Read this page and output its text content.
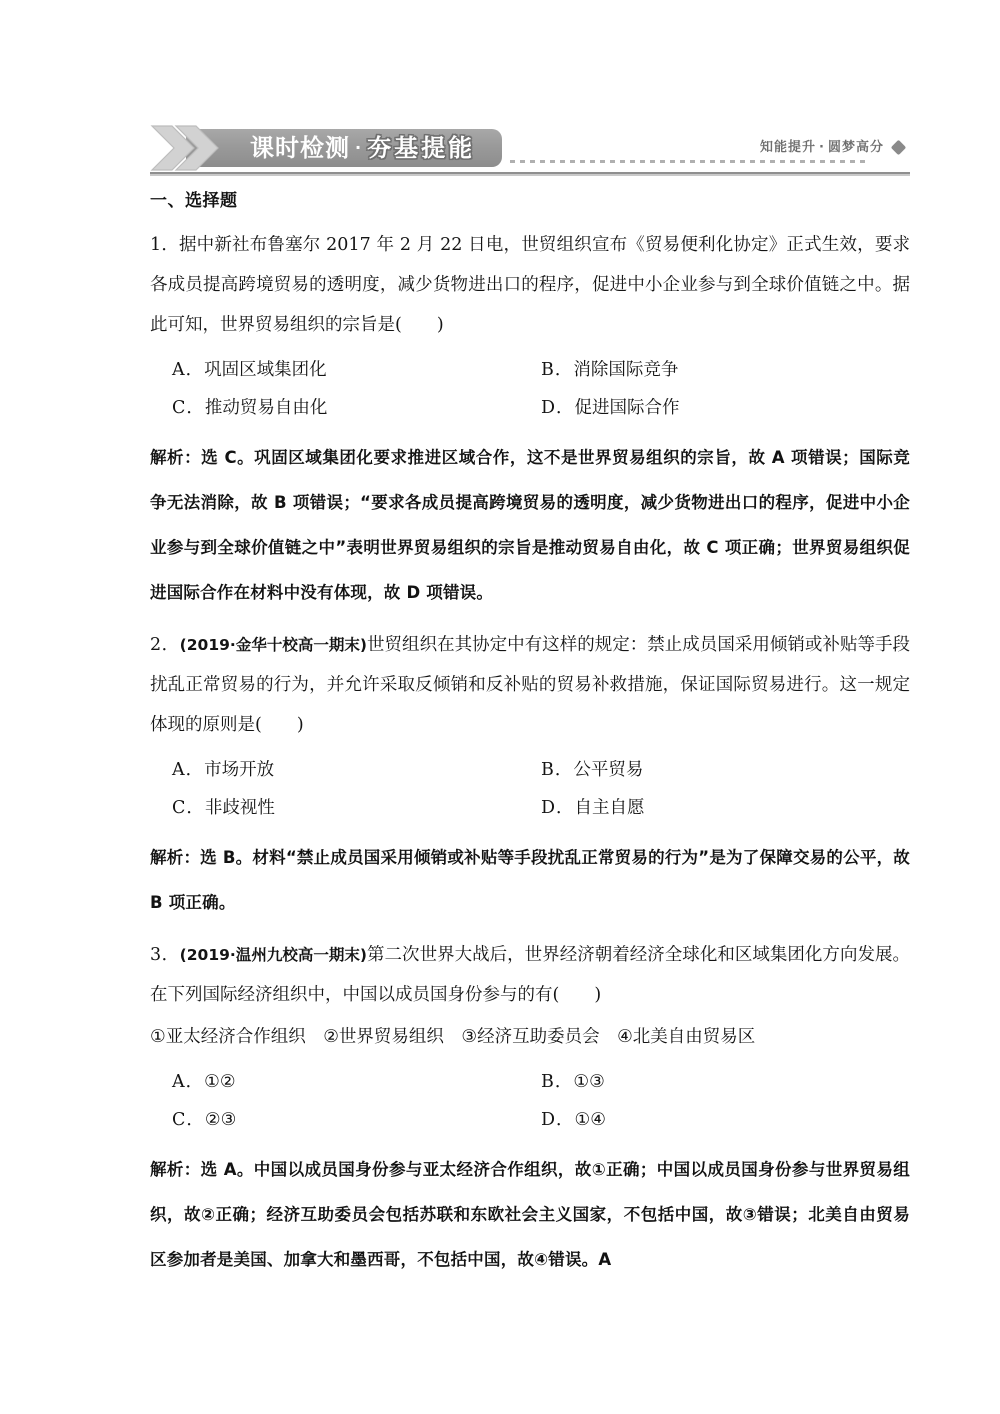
课时检测 · 夯基提能	知能提升 · 圆梦高分
一、选择题

1．据中新社布鲁塞尔 2017 年 2 月 22 日电，世贸组织宣布《贸易便利化协定》正式生效，要求各成员提高跨境贸易的透明度，减少货物进出口的程序，促进中小企业参与到全球价值链之中。据此可知，世界贸易组织的宗旨是(　　)

A．巩固区域集团化
C．推动贸易自由化
B．消除国际竞争
D．促进国际合作

解析：选 C。巩固区域集团化要求推进区域合作，这不是世界贸易组织的宗旨，故 A 项错误；国际竞争无法消除，故 B 项错误；“要求各成员提高跨境贸易的透明度，减少货物进出口的程序，促进中小企业参与到全球价值链之中”表明世界贸易组织的宗旨是推动贸易自由化，故 C 项正确；世界贸易组织促进国际合作在材料中没有体现，故 D 项错误。

2．(2019·金华十校高一期末)世贸组织在其协定中有这样的规定：禁止成员国采用倾销或补贴等手段扰乱正常贸易的行为，并允许采取反倾销和反补贴的贸易补救措施，保证国际贸易进行。这一规定体现的原则是(　　)

A．市场开放
C．非歧视性
B．公平贸易
D．自主自愿

解析：选 B。材料“禁止成员国采用倾销或补贴等手段扰乱正常贸易的行为”是为了保障交易的公平，故 B 项正确。

3．(2019·温州九校高一期末)第二次世界大战后，世界经济朝着经济全球化和区域集团化方向发展。在下列国际经济组织中，中国以成员国身份参与的有(　　)

①亚太经济合作组织　②世界贸易组织　③经济互助委员会　④北美自由贸易区

A．①②
C．②③
B．①③
D．①④

解析：选 A。中国以成员国身份参与亚太经济合作组织，故①正确；中国以成员国身份参与世界贸易组织，故②正确；经济互助委员会包括苏联和东欧社会主义国家，不包括中国，故③错误；北美自由贸易区参加者是美国、加拿大和墨西哥，不包括中国，故④错误。A
